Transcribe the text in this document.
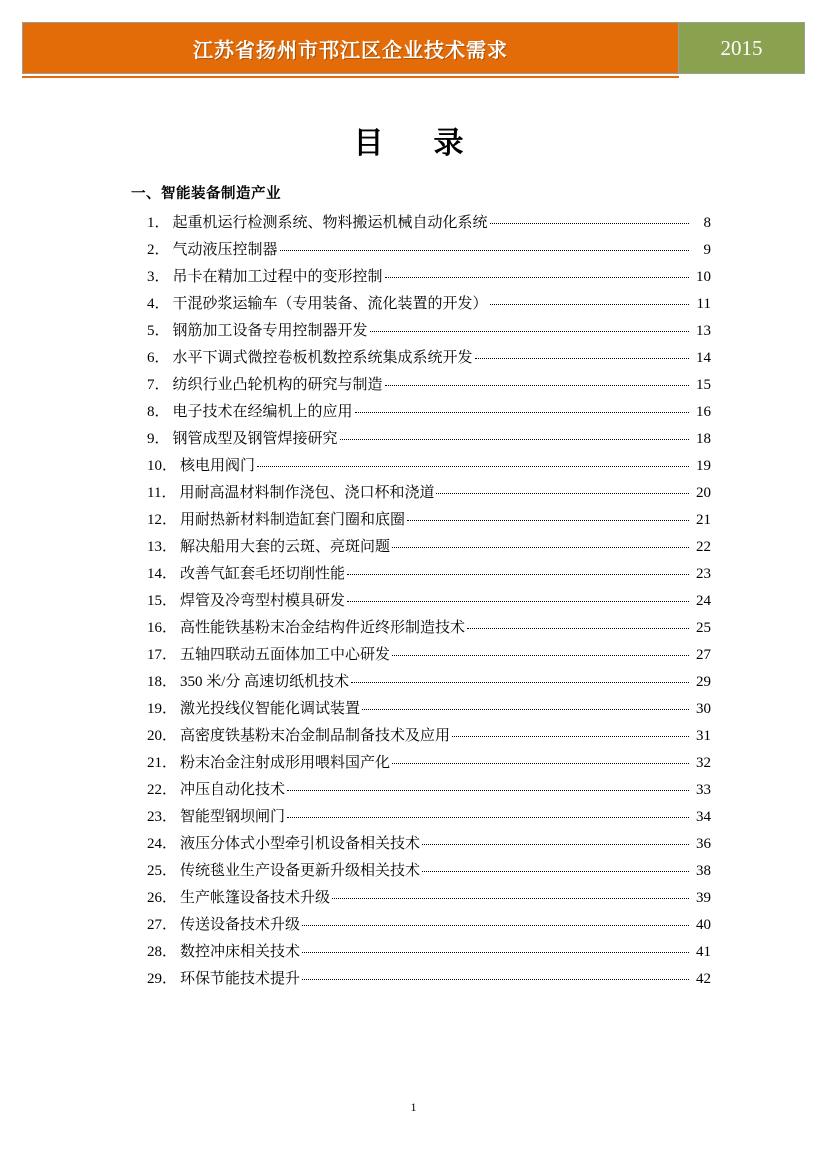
江苏省扬州市邗江区企业技术需求	2015
目　录
一、智能装备制造产业
1． 起重机运行检测系统、物料搬运机械自动化系统	8
2． 气动液压控制器	9
3． 吊卡在精加工过程中的变形控制	10
4． 干混砂浆运输车（专用装备、流化装置的开发）	11
5． 钢筋加工设备专用控制器开发	13
6． 水平下调式微控卷板机数控系统集成系统开发	14
7． 纺织行业凸轮机构的研究与制造	15
8． 电子技术在经编机上的应用	16
9． 钢管成型及钢管焊接研究	18
10． 核电用阀门	19
11． 用耐高温材料制作浇包、浇口杯和浇道	20
12． 用耐热新材料制造缸套门圈和底圈	21
13． 解决船用大套的云斑、亮斑问题	22
14． 改善气缸套毛坯切削性能	23
15． 焊管及冷弯型村模具研发	24
16． 高性能铁基粉末冶金结构件近终形制造技术	25
17． 五轴四联动五面体加工中心研发	27
18． 350 米/分 高速切纸机技术	29
19． 激光投线仪智能化调试装置	30
20． 高密度铁基粉末冶金制品制备技术及应用	31
21． 粉末冶金注射成形用喂料国产化	32
22． 冲压自动化技术	33
23． 智能型钢坝闸门	34
24． 液压分体式小型牵引机设备相关技术	36
25． 传统毯业生产设备更新升级相关技术	38
26． 生产帐篷设备技术升级	39
27． 传送设备技术升级	40
28． 数控冲床相关技术	41
29． 环保节能技术提升	42
1
